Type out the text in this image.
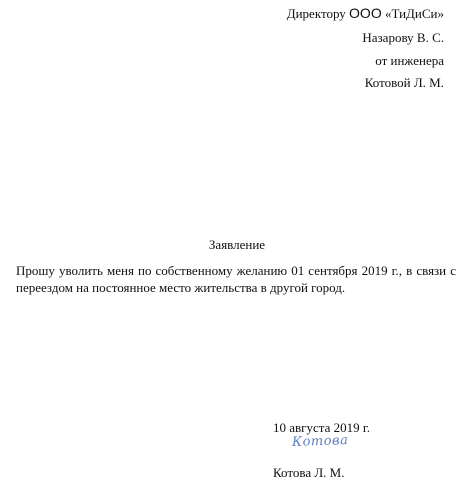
Директору ООО «ТиДиСи»
Назарову В. С.
от инженера
Котовой Л. М.
Заявление
Прошу уволить меня по собственному желанию 01 сентября 2019 г., в связи с
переездом на постоянное место жительства в другой город.
10 августа 2019 г.
Котова
Котова Л. М.
